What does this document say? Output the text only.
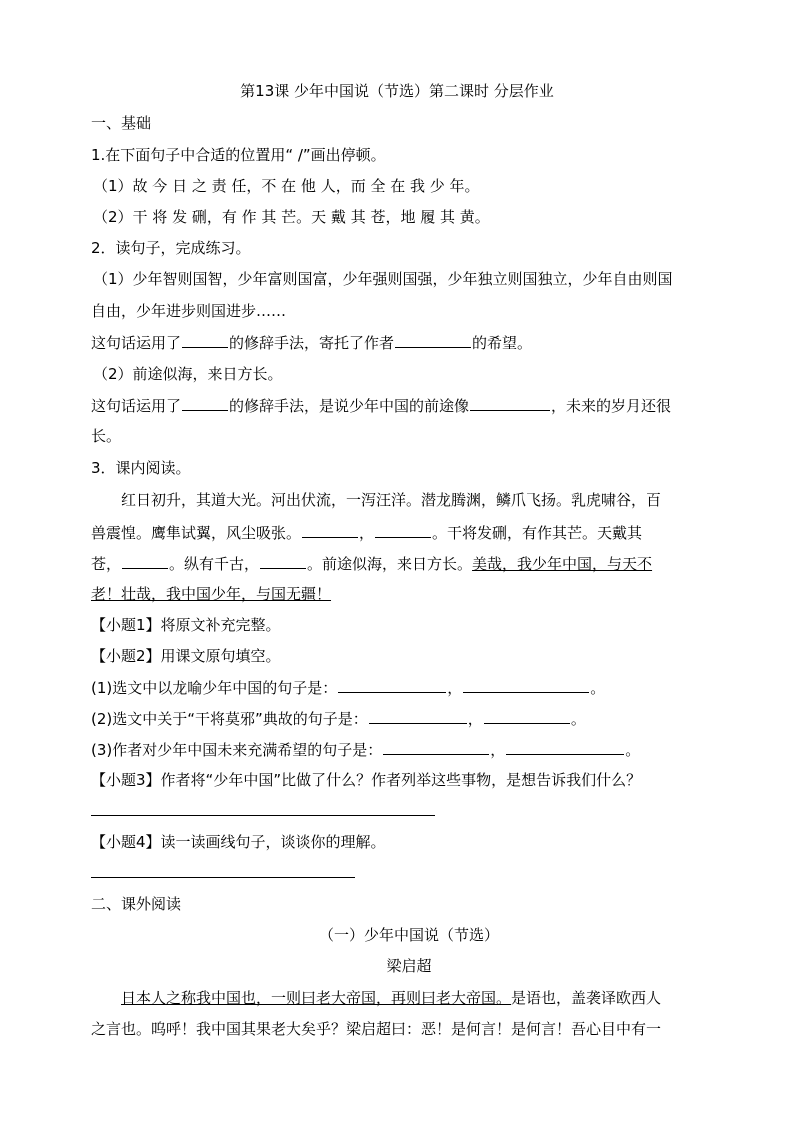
第13课 少年中国说（节选）第二课时 分层作业
一、基础
1.在下面句子中合适的位置用“ /”画出停顿。
（1）故 今 日 之 责 任，不 在 他 人，而 全 在 我 少 年。
（2）干 将 发 硎，有 作 其 芒。天 戴 其 苍，地 履 其 黄。
2．读句子，完成练习。
（1）少年智则国智，少年富则国富，少年强则国强，少年独立则国独立，少年自由则国
自由，少年进步则国进步……
这句话运用了	的修辞手法，寄托了作者	的希望。
（2）前途似海，来日方长。
这句话运用了	的修辞手法，是说少年中国的前途像	，未来的岁月还很
长。
3．课内阅读。
红日初升，其道大光。河出伏流，一泻汪洋。潜龙腾渊，鳞爪飞扬。乳虎啸谷，百
兽震惶。鹰隼试翼，风尘吸张。	，	。干将发硎，有作其芒。天戴其
苍，	。纵有千古，	。前途似海，来日方长。美哉，我少年中国，与天不
老！壮哉，我中国少年，与国无疆！
【小题1】将原文补充完整。
【小题2】用课文原句填空。
(1)选文中以龙喻少年中国的句子是：	，	。
(2)选文中关于“干将莫邪”典故的句子是：	，	。
(3)作者对少年中国未来充满希望的句子是：	，	。
【小题3】作者将“少年中国”比做了什么？作者列举这些事物，是想告诉我们什么？
【小题4】读一读画线句子，谈谈你的理解。
二、课外阅读
（一）少年中国说（节选）
梁启超
日本人之称我中国也，一则曰老大帝国，再则曰老大帝国。是语也，盖袭译欧西人
之言也。呜呼！我中国其果老大矣乎？梁启超曰：恶！是何言！是何言！吾心目中有一
